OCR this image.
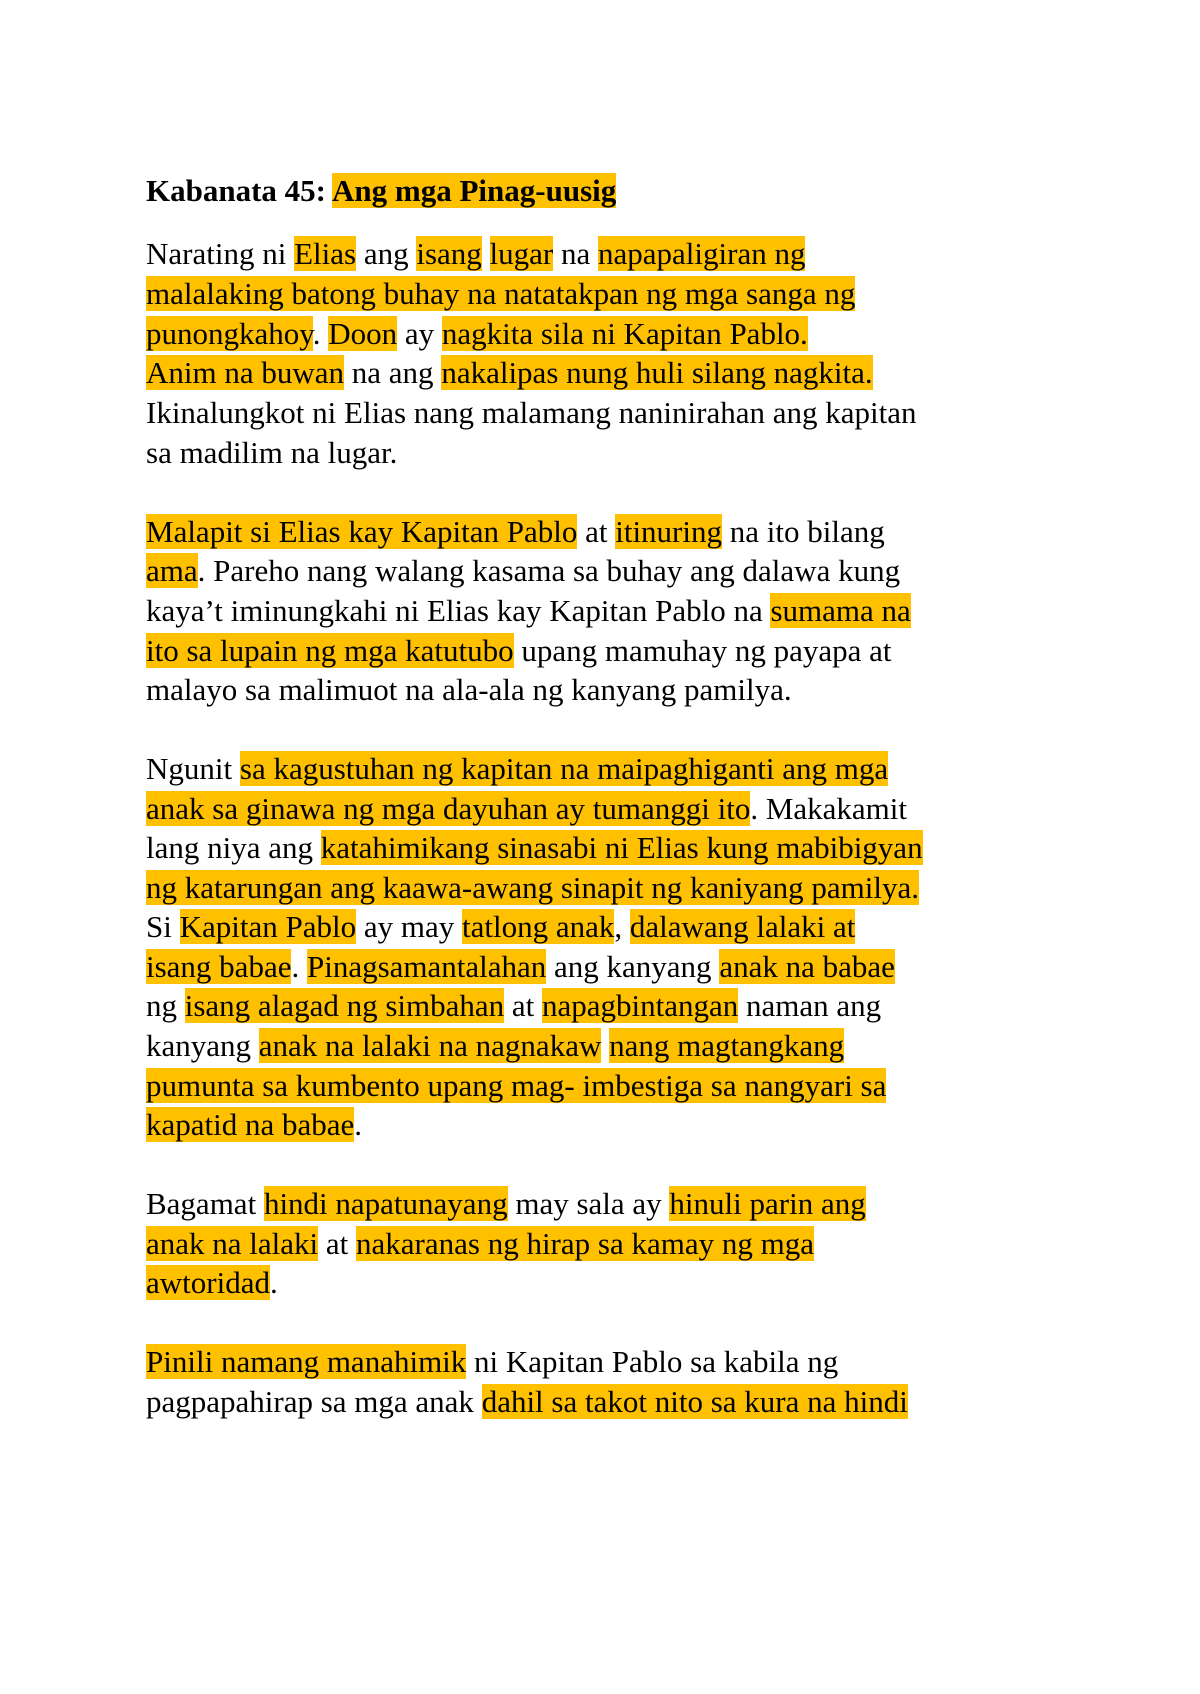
Kabanata 45: Ang mga Pinag-uusig
Narating ni Elias ang isang lugar na napapaligiran ng
malalaking batong buhay na natatakpan ng mga sanga ng
punongkahoy. Doon ay nagkita sila ni Kapitan Pablo.
Anim na buwan na ang nakalipas nung huli silang nagkita.
Ikinalungkot ni Elias nang malamang naninirahan ang kapitan
sa madilim na lugar.
Malapit si Elias kay Kapitan Pablo at itinuring na ito bilang
ama. Pareho nang walang kasama sa buhay ang dalawa kung
kaya’t iminungkahi ni Elias kay Kapitan Pablo na sumama na
ito sa lupain ng mga katutubo upang mamuhay ng payapa at
malayo sa malimuot na ala-ala ng kanyang pamilya.
Ngunit sa kagustuhan ng kapitan na maipaghiganti ang mga
anak sa ginawa ng mga dayuhan ay tumanggi ito. Makakamit
lang niya ang katahimikang sinasabi ni Elias kung mabibigyan
ng katarungan ang kaawa-awang sinapit ng kaniyang pamilya.
Si Kapitan Pablo ay may tatlong anak, dalawang lalaki at
isang babae. Pinagsamantalahan ang kanyang anak na babae
ng isang alagad ng simbahan at napagbintangan naman ang
kanyang anak na lalaki na nagnakaw nang magtangkang
pumunta sa kumbento upang mag- imbestiga sa nangyari sa
kapatid na babae.
Bagamat hindi napatunayang may sala ay hinuli parin ang
anak na lalaki at nakaranas ng hirap sa kamay ng mga
awtoridad.
Pinili namang manahimik ni Kapitan Pablo sa kabila ng
pagpapahirap sa mga anak dahil sa takot nito sa kura na hindi
